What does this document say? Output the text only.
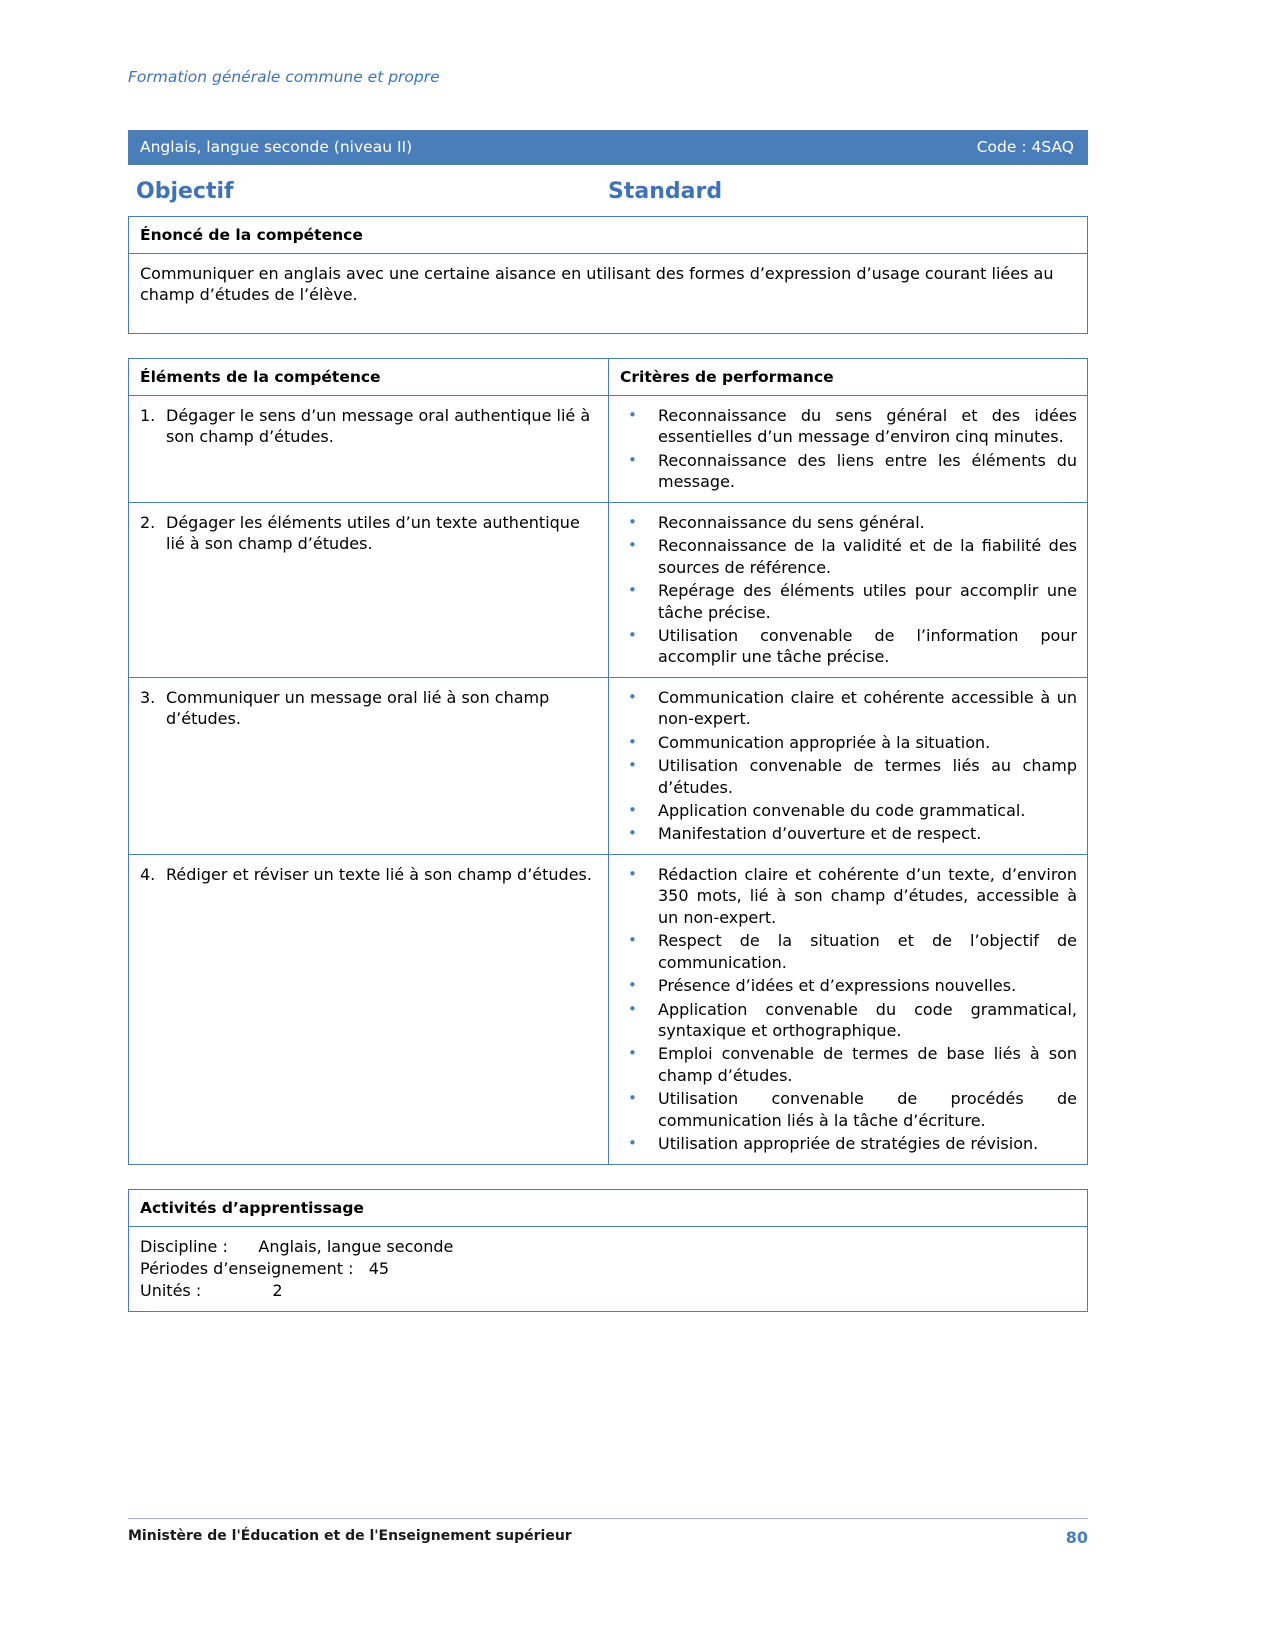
Formation générale commune et propre
Anglais, langue seconde (niveau II)	Code : 4SAQ
Objectif	Standard
Énoncé de la compétence
Communiquer en anglais avec une certaine aisance en utilisant des formes d’expression d’usage courant liées au champ d’études de l’élève.
Éléments de la compétence	Critères de performance
1. Dégager le sens d’un message oral authentique lié à son champ d’études.	
• Reconnaissance du sens général et des idées essentielles d’un message d’environ cinq minutes.
• Reconnaissance des liens entre les éléments du message.

2. Dégager les éléments utiles d’un texte authentique lié à son champ d’études.	
• Reconnaissance du sens général.
• Reconnaissance de la validité et de la fiabilité des sources de référence.
• Repérage des éléments utiles pour accomplir une tâche précise.
• Utilisation convenable de l’information pour accomplir une tâche précise.

3. Communiquer un message oral lié à son champ d’études.	
• Communication claire et cohérente accessible à un non-expert.
• Communication appropriée à la situation.
• Utilisation convenable de termes liés au champ d’études.
• Application convenable du code grammatical.
• Manifestation d’ouverture et de respect.

4. Rédiger et réviser un texte lié à son champ d’études.	
•Rédaction claire et cohérente d’un texte, d’environ 350 mots, lié à son champ d’études, accessible à un non-expert.
• Respect de la situation et de l’objectif de communication.
• Présence d’idées et d’expressions nouvelles.
• Application convenable du code grammatical, syntaxique et orthographique.
• Emploi convenable de termes de base liés à son champ d’études.
• Utilisation convenable de procédés de communication liés à la tâche d’écriture.
• Utilisation appropriée de stratégies de révision.
Activités d’apprentissage

Discipline :      Anglais, langue seconde
Périodes d’enseignement :   45
Unités :              2
Ministère de l'Éducation et de l'Enseignement supérieur	80
